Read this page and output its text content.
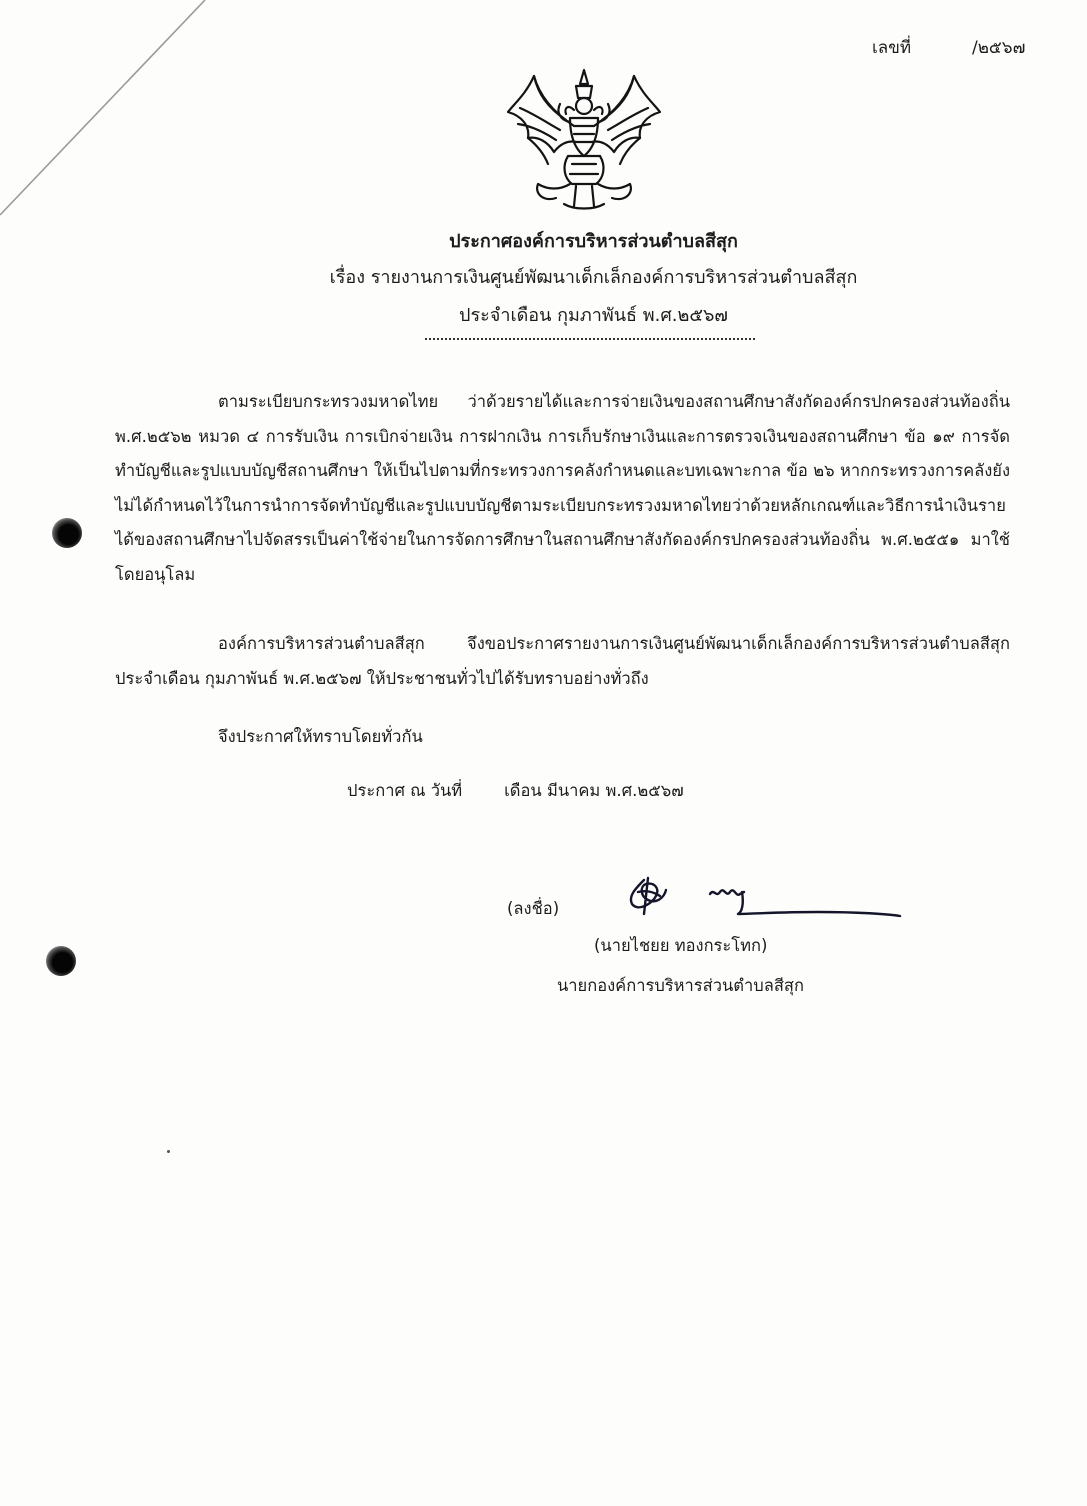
เลขที่	/๒๕๖๗
ประกาศองค์การบริหารส่วนตำบลสีสุก
เรื่อง รายงานการเงินศูนย์พัฒนาเด็กเล็กองค์การบริหารส่วนตำบลสีสุก
ประจำเดือน กุมภาพันธ์ พ.ศ.๒๕๖๗
ตามระเบียบกระทรวงมหาดไทย ว่าด้วยรายได้และการจ่ายเงินของสถานศึกษาสังกัดองค์กรปกครองส่วนท้องถิ่น พ.ศ.๒๕๖๒ หมวด ๔ การรับเงิน การเบิกจ่ายเงิน การฝากเงิน การเก็บรักษาเงินและการตรวจเงินของสถานศึกษา ข้อ ๑๙ การจัดทำบัญชีและรูปแบบบัญชีสถานศึกษา ให้เป็นไปตามที่กระทรวงการคลังกำหนดและบทเฉพาะกาล ข้อ ๒๖ หากกระทรวงการคลังยังไม่ได้กำหนดไว้ในการนำการจัดทำบัญชีและรูปแบบบัญชีตามระเบียบกระทรวงมหาดไทยว่าด้วยหลักเกณฑ์และวิธีการนำเงินรายได้ของสถานศึกษาไปจัดสรรเป็นค่าใช้จ่ายในการจัดการศึกษาในสถานศึกษาสังกัดองค์กรปกครองส่วนท้องถิ่น พ.ศ.๒๕๕๑ มาใช้โดยอนุโลม
องค์การบริหารส่วนตำบลสีสุก จึงขอประกาศรายงานการเงินศูนย์พัฒนาเด็กเล็กองค์การบริหารส่วนตำบลสีสุก ประจำเดือน กุมภาพันธ์ พ.ศ.๒๕๖๗ ให้ประชาชนทั่วไปได้รับทราบอย่างทั่วถึง
จึงประกาศให้ทราบโดยทั่วกัน
ประกาศ ณ วันที่	เดือน มีนาคม พ.ศ.๒๕๖๗
(ลงชื่อ)
(นายไชยย ทองกระโทก)
นายกองค์การบริหารส่วนตำบลสีสุก
